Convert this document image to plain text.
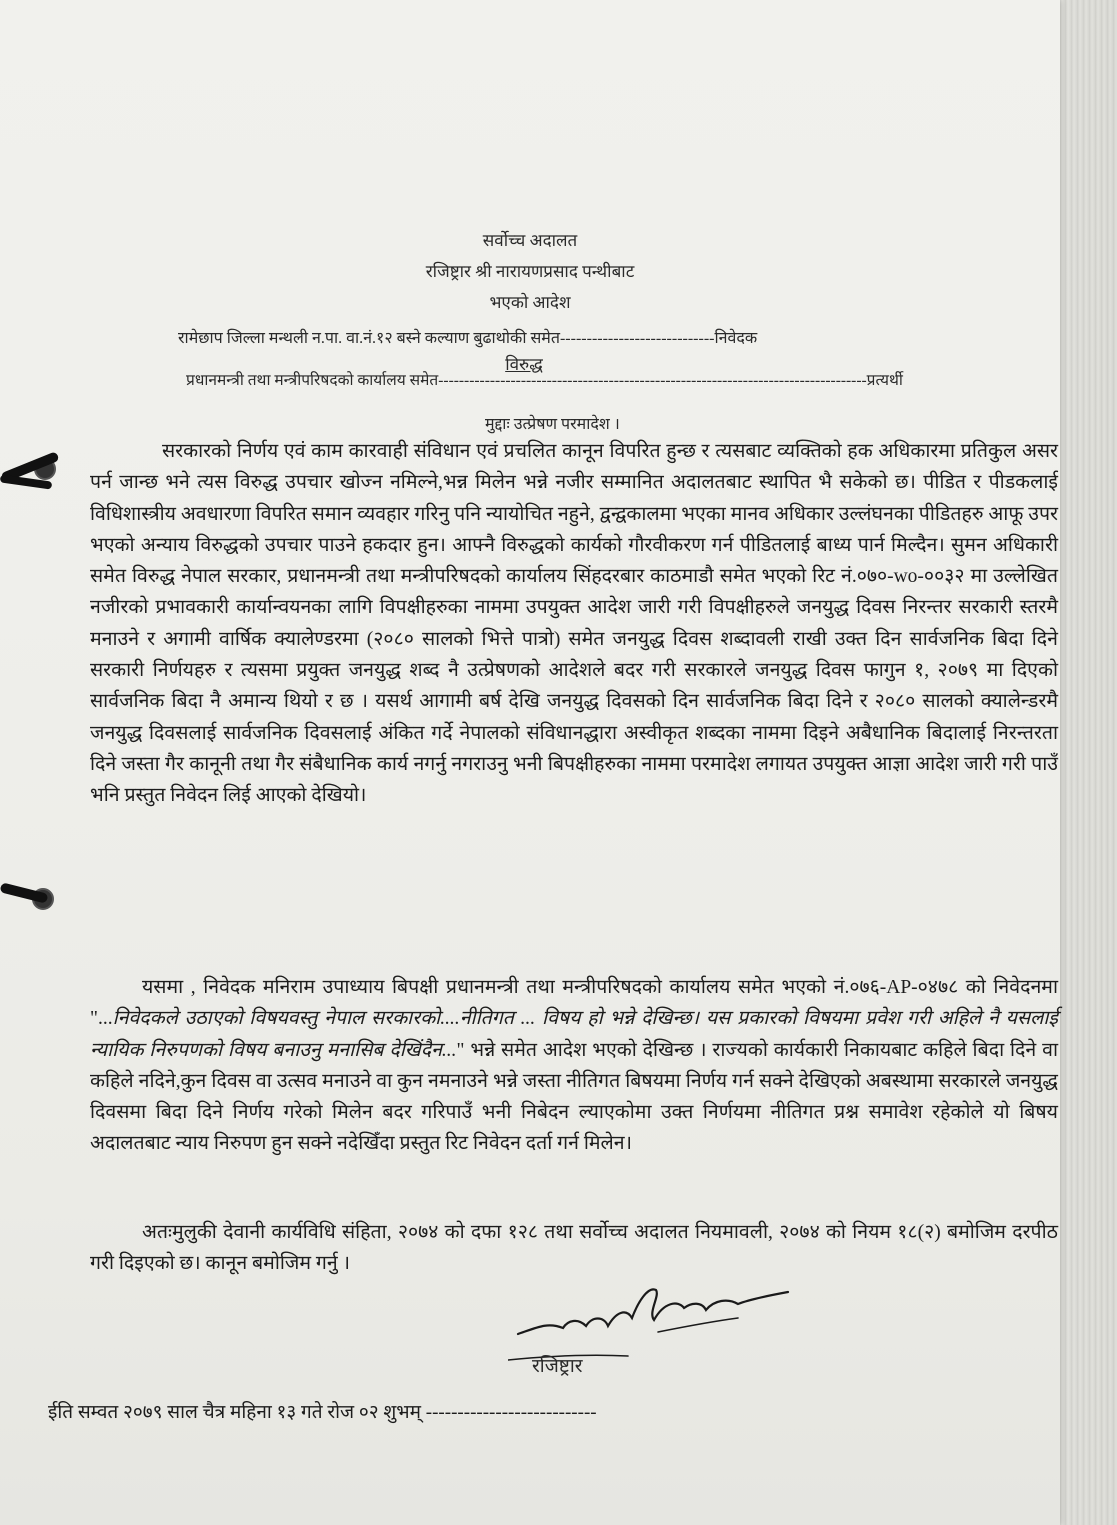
सर्वोच्च अदालत
रजिष्ट्रार श्री नारायणप्रसाद पन्थीबाट
भएको आदेश
रामेछाप जिल्ला मन्थली न.पा. वा.नं.१२ बस्ने कल्याण बुढाथोकी समेत-----------------------------निवेदक
विरुद्ध
प्रधानमन्त्री तथा मन्त्रीपरिषदको कार्यालय समेत-----------------------------------------------------------------------------------प्रत्यर्थी
मुद्दाः उत्प्रेषण परमादेश ।
सरकारको निर्णय एवं काम कारवाही संविधान एवं प्रचलित कानून विपरित हुन्छ र त्यसबाट व्यक्तिको हक अधिकारमा प्रतिकुल असर पर्न जान्छ भने त्यस विरुद्ध उपचार खोज्न नमिल्ने,भन्न मिलेन भन्ने नजीर सम्मानित अदालतबाट स्थापित भै सकेको छ। पीडित र पीडकलाई विधिशास्त्रीय अवधारणा विपरित समान व्यवहार गरिनु पनि न्यायोचित नहुने, द्वन्द्वकालमा भएका मानव अधिकार उल्लंघनका पीडितहरु आफू उपर भएको अन्याय विरुद्धको उपचार पाउने हकदार हुन। आफ्नै विरुद्धको कार्यको गौरवीकरण गर्न पीडितलाई बाध्य पार्न मिल्दैन। सुमन अधिकारी समेत विरुद्ध नेपाल सरकार, प्रधानमन्त्री तथा मन्त्रीपरिषदको कार्यालय सिंहदरबार काठमाडौ समेत भएको रिट नं.०७०-wo-००३२ मा उल्लेखित नजीरको प्रभावकारी कार्यान्वयनका लागि विपक्षीहरुका नाममा उपयुक्त आदेश जारी गरी विपक्षीहरुले जनयुद्ध दिवस निरन्तर सरकारी स्तरमै मनाउने र अगामी वार्षिक क्यालेण्डरमा (२०८० सालको भित्ते पात्रो) समेत जनयुद्ध दिवस शब्दावली राखी उक्त दिन सार्वजनिक बिदा दिने सरकारी निर्णयहरु र त्यसमा प्रयुक्त जनयुद्ध शब्द नै उत्प्रेषणको आदेशले बदर गरी सरकारले जनयुद्ध दिवस फागुन १, २०७९ मा दिएको सार्वजनिक बिदा नै अमान्य थियो र छ । यसर्थ आगामी बर्ष देखि जनयुद्ध दिवसको दिन सार्वजनिक बिदा दिने र २०८० सालको क्यालेन्डरमै जनयुद्ध दिवसलाई सार्वजनिक दिवसलाई अंकित गर्दे नेपालको संविधानद्धारा अस्वीकृत शब्दका नाममा दिइने अबैधानिक बिदालाई निरन्तरता दिने जस्ता गैर कानूनी तथा गैर संबैधानिक कार्य नगर्नु नगराउनु भनी बिपक्षीहरुका नाममा परमादेश लगायत उपयुक्त आज्ञा आदेश जारी गरी पाउँ भनि प्रस्तुत निवेदन लिई आएको देखियो।
यसमा , निवेदक मनिराम उपाध्याय बिपक्षी प्रधानमन्त्री तथा मन्त्रीपरिषदको कार्यालय समेत भएको नं.०७६-AP-०४७८ को निवेदनमा "...निवेदकले उठाएको विषयवस्तु नेपाल सरकारको....नीतिगत ... विषय हो भन्ने देखिन्छ। यस प्रकारको विषयमा प्रवेश गरी अहिले नै यसलाई न्यायिक निरुपणको विषय बनाउनु मनासिब देखिंदैन..." भन्ने समेत आदेश भएको देखिन्छ । राज्यको कार्यकारी निकायबाट कहिले बिदा दिने वा कहिले नदिने,कुन दिवस वा उत्सव मनाउने वा कुन नमनाउने भन्ने जस्ता नीतिगत बिषयमा निर्णय गर्न सक्ने देखिएको अबस्थामा सरकारले जनयुद्ध दिवसमा बिदा दिने निर्णय गरेको मिलेन बदर गरिपाउँ भनी निबेदन ल्याएकोमा उक्त निर्णयमा नीतिगत प्रश्न समावेश रहेकोले यो बिषय अदालतबाट न्याय निरुपण हुन सक्ने नदेखिँदा प्रस्तुत रिट निवेदन दर्ता गर्न मिलेन।
अतःमुलुकी देवानी कार्यविधि संहिता, २०७४ को दफा १२८ तथा सर्वोच्च अदालत नियमावली, २०७४ को नियम १८(२) बमोजिम दरपीठ गरी दिइएको छ। कानून बमोजिम गर्नु ।
रजिष्ट्रार
ईति सम्वत २०७९ साल चैत्र महिना १३ गते रोज ०२ शुभम् ---------------------------
